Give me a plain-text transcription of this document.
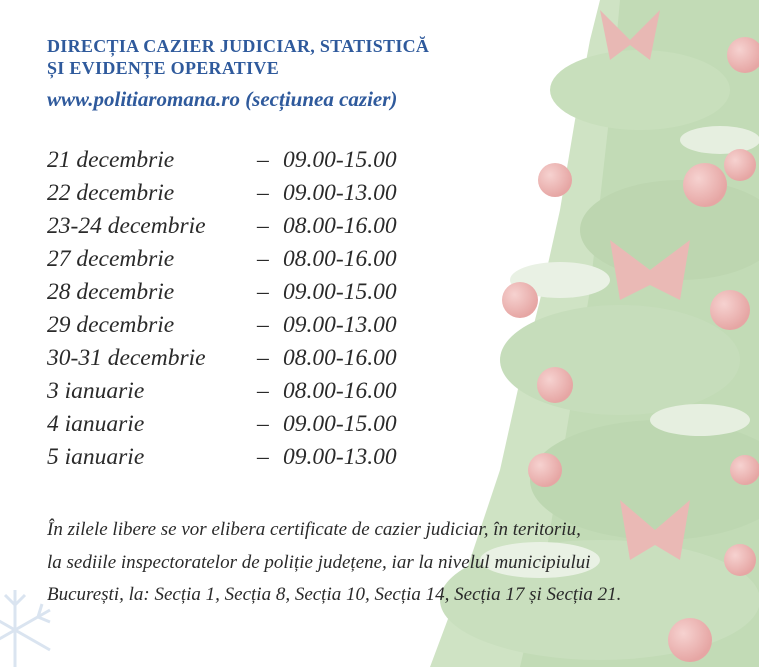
DIRECȚIA CAZIER JUDICIAR, STATISTICĂ
ȘI EVIDENȚE OPERATIVE
www.politiaromana.ro (secțiunea cazier)
21 decembrie	– 09.00-15.00
22 decembrie	– 09.00-13.00
23-24 decembrie – 08.00-16.00
27 decembrie	– 08.00-16.00
28 decembrie	– 09.00-15.00
29 decembrie	– 09.00-13.00
30-31 decembrie – 08.00-16.00
3 ianuarie	– 08.00-16.00
4 ianuarie	– 09.00-15.00
5 ianuarie	– 09.00-13.00
În zilele libere se vor elibera certificate de cazier judiciar, în teritoriu,
la sediile inspectoratelor de poliție județene, iar la nivelul municipiului
București, la: Secția 1, Secția 8, Secția 10, Secția 14, Secția 17 și Secția 21.
